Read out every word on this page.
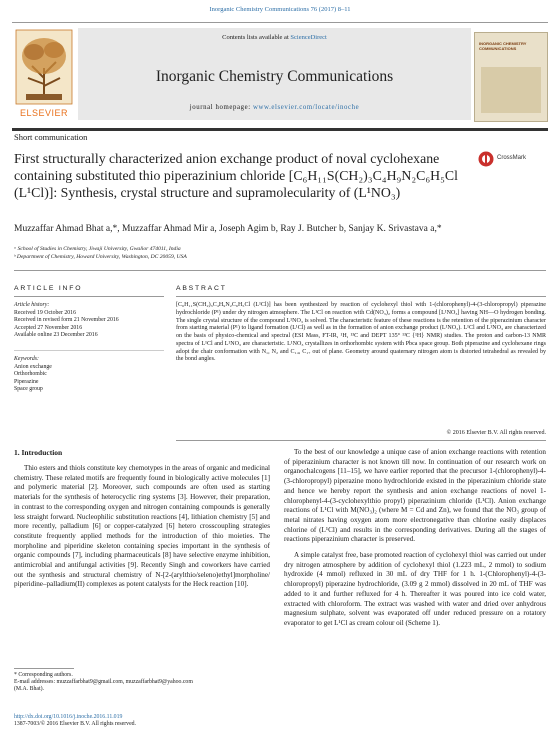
Inorganic Chemistry Communications 76 (2017) 8–11
ELSEVIER
Contents lists available at ScienceDirect
Inorganic Chemistry Communications
journal homepage: www.elsevier.com/locate/inoche
INORGANIC CHEMISTRY COMMUNICATIONS
Short communication
First structurally characterized anion exchange product of noval cyclohexane containing substituted thio piperazinium chloride [C₆H₁₁S(CH₂)₃C₄H₉N₂C₆H₅Cl (L¹Cl)]: Synthesis, crystal structure and supramolecularity of (L¹NO₃)
CrossMark
Muzzaffar Ahmad Bhat a,*, Muzzaffar Ahmad Mir a, Joseph Agim b, Ray J. Butcher b, Sanjay K. Srivastava a,*
ᵃ School of Studies in Chemistry, Jiwaji University, Gwalior 474011, India
ᵇ Department of Chemistry, Howard University, Washington, DC 20059, USA
ARTICLE INFO	ABSTRACT
Article history:
Received 19 October 2016
Received in revised form 21 November 2016
Accepted 27 November 2016
Available online 23 December 2016
Keywords:
Anion exchange
Orthorhombic
Piperazine
Space group
[C₆H₁₁S(CH₂)₃C₄H₉N₂C₆H₅Cl (L¹Cl)] has been synthesized by reaction of cyclohexyl thiol with 1-(chlorophenyl)-4-(3-chloropropyl) piperazine hydrochloride (P¹) under dry nitrogen atmosphere. The L¹Cl on reaction with Cd(NO₃)₂ forms a compound [L¹NO₃] having NH—O hydrogen bonding. The single crystal structure of the compound L¹NO₃ is solved. The characteristic feature of these reactions is the retention of the piperazinium character from starting material (P¹) to ligand formation (L¹Cl) as well as in the formation of anion exchange product (L¹NO₃). L¹Cl and L¹NO₃ are characterized on the basis of physico-chemical and spectral (ESI Mass, FT-IR, ¹H, ¹³C and DEPT 135° ¹³C {¹H} NMR) studies. The proton and carbon-13 NMR spectra of L¹Cl and L¹NO₃ are characteristic. L¹NO₃ crystallizes in orthorhombic system with Pbca space group. Both piperazine and cyclohexane rings adopt the chair conformation with N₁, N₂ and C₁₄, C₁₇ out of plane. Geometry around quaternary nitrogen atom is distorted tetrahedral as revealed by the bond angles.
© 2016 Elsevier B.V. All rights reserved.
1. Introduction

Thio esters and thiols constitute key chemotypes in the areas of organic and medicinal chemistry. These related motifs are frequently found in biologically active molecules [1] and polymeric material [2]. Moreover, such compounds are often used as starting materials for the synthesis of heterocyclic ring systems [3]. However, their preparation, in contrast to the corresponding oxygen and nitrogen containing compounds is generally less straight forward. Nucleophilic substitution reactions [4], lithiation chemistry [5] and more recently, palladium [6] or copper-catalyzed [6] hetero crosscoupling strategies constitute frequently applied methods for the introduction of thio moieties. The morpholine and piperidine skeleton containing species important in the synthesis of organic compounds [7], including pharmaceuticals [8] have selective enzyme inhibition, antimicrobial and antifungal activities [9]. Recently Singh and coworkers have carried out the synthesis and structural chemistry of N-[2-(arylthio/seleno)ethyl]morpholine/ piperidine–palladium(II) complexes as potent catalysts for the Heck reaction [10].

To the best of our knowledge a unique case of anion exchange reactions with retention of piperazinium character is not known till now. In continuation of our research work on organochalcogens [11–15], we have earlier reported that the precursor 1-(chlorophenyl)-4-(3-chloropropyl) piperazine mono hydrochloride existed in the piperazinium chloride state and hence we hereby report the synthesis and anion exchange reactions of novel 1-chlorophenyl-4-(3-cyclohexylthio propyl) piperazinium chloride (L¹Cl). Anion exchange reactions of L¹Cl with M(NO₃)₂ (where M = Cd and Zn), we found that the NO₃ group of metal nitrates having oxygen atom more electronegative than chlorine easily displaces chlorine of (L¹Cl) and results in the corresponding derivatives. During all the stages of reactions piperazinium character is preserved.

A simple catalyst free, base promoted reaction of cyclohexyl thiol was carried out under dry nitrogen atmosphere by addition of cyclohexyl thiol (1.223 mL, 2 mmol) to sodium hydroxide (4 mmol) refluxed in 30 mL of dry THF for 1 h. 1-(Chlorophenyl)-4-(3-chloropropyl) piperazine hydrochloride, (3.09 g 2 mmol) dissolved in 20 mL of THF was added to it and further refluxed for 4 h. Thereafter it was poured into ice cold water, extracted with chloroform. The extract was washed with water and dried over anhydrous magnesium sulphate, solvent was evaporated off under reduced pressure on a rotatory evaporator to get L¹Cl as cream colour oil (Scheme 1).

* Corresponding authors.
E-mail addresses: muzzaffarbhat9@gmail.com, muzzaffarbhat9@yahoo.com
(M.A. Bhat).
http://dx.doi.org/10.1016/j.inoche.2016.11.019
1387-7003/© 2016 Elsevier B.V. All rights reserved.
